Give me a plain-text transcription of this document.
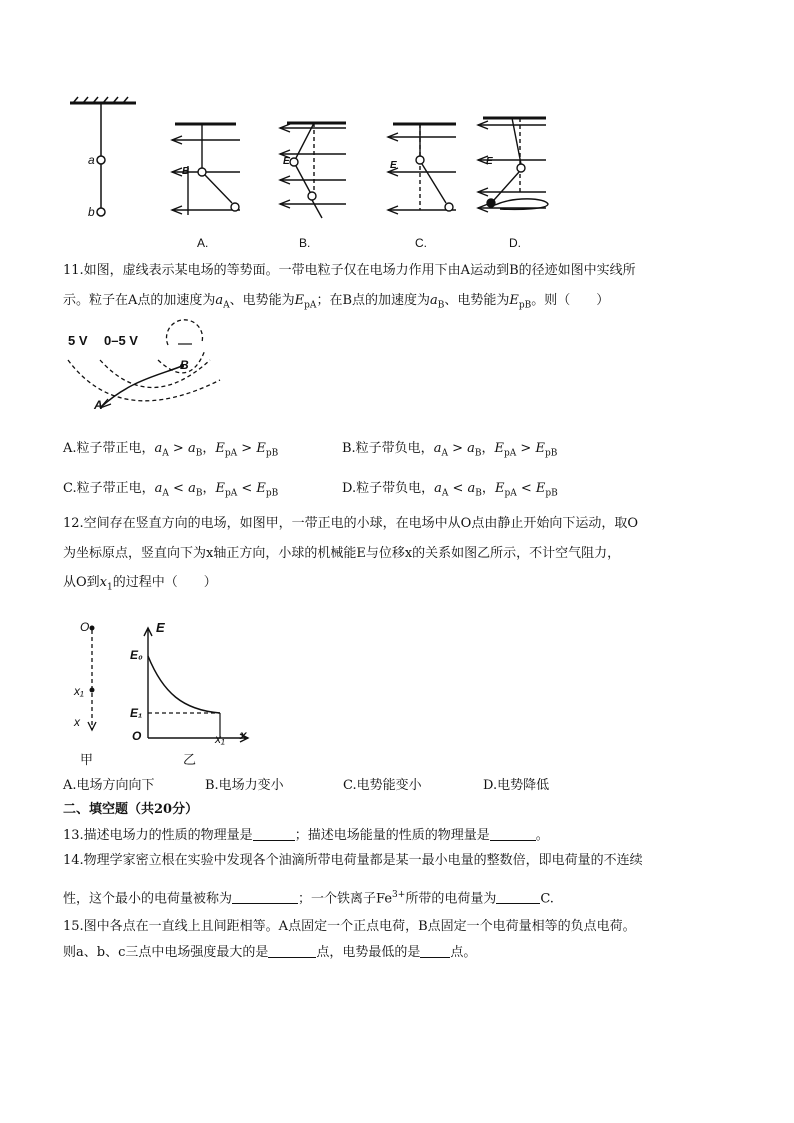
a
b
B
E	E	E
A.	B.	C.	D.
11.如图，虚线表示某电场的等势面。一带电粒子仅在电场力作用下由A运动到B的径迹如图中实线所
示。粒子在A点的加速度为$a_A$、电势能为$E_{pA}$；在B点的加速度为$a_B$、电势能为$E_{pB}$。则（　　）
5 V 0–5 V
A
B
A.粒子带正电，$a_A > a_B$，$E_{pA} > E_{pB}$	B.粒子带负电，$a_A > a_B$，$E_{pA} > E_{pB}$
C.粒子带正电，$a_A < a_B$，$E_{pA} < E_{pB}$	D.粒子带负电，$a_A < a_B$，$E_{pA} < E_{pB}$
12.空间存在竖直方向的电场，如图甲，一带正电的小球，在电场中从O点由静止开始向下运动，取O
为坐标原点，竖直向下为x轴正方向，小球的机械能E与位移x的关系如图乙所示，不计空气阻力，
从O到$x_1$的过程中（　　）
O
x₁
x
甲
E
E₀
E₁
O	x₁ x
乙
A.电场方向向下	B.电场力变小	C.电势能变小	D.电势降低
二、填空题（共20分）
13.描述电场力的性质的物理量是	；描述电场能量的性质的物理量是	。
14.物理学家密立根在实验中发现各个油滴所带电荷量都是某一最小电量的整数倍，即电荷量的不连续
性，这个最小的电荷量被称为	；一个铁离子$Fe^{3+}$所带的电荷量为	C.
15.图中各点在一直线上且间距相等。A点固定一个正点电荷，B点固定一个电荷量相等的负点电荷。
则a、b、c三点中电场强度最大的是	点，电势最低的是 点。
